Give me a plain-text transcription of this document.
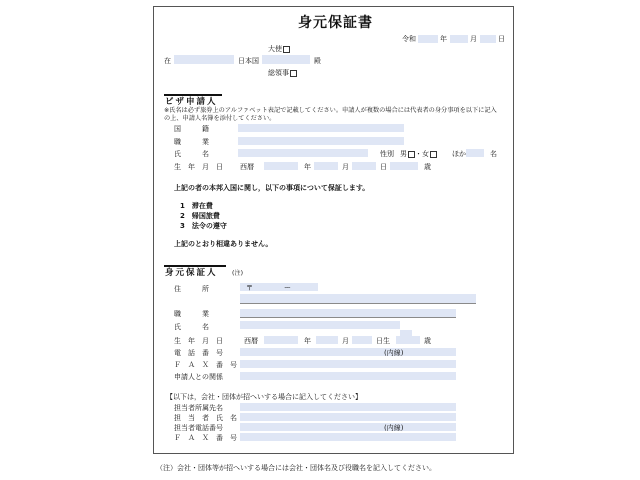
身元保証書
令和	年	月	日
大使
在	日本国	殿
総領事
ビザ申請人
※氏名は必ず旅券上のアルファベット表記で記載してください。申請人が複数の場合には代表者の身分事項を以下に記入
の上、申請人名簿を添付してください。
国　　　籍
職　　　業
氏　　　名	性別 男 ・女	ほか	名
生　年　月　日 西暦	年	月	日	歳
上記の者の本邦入国に関し，以下の事項について保証します。
1　 滞在費
2　 帰国旅費
3　 法令の遵守
上記のとおり相違ありません。
身元保証人 (注)
住　　　所	〒	ー
職　　　業
氏　　　名
生　年　月　日	西暦	年	月	日生	歳
電　話　番　号	(内線)
Ｆ　Ａ　Ｘ　番　号
申請人との関係
【以下は，会社・団体が招へいする場合に記入してください】
担当者所属先名
担　当　者　氏　名
担当者電話番号	(内線)
Ｆ　Ａ　Ｘ　番　号
（注）会社・団体等が招へいする場合には会社・団体名及び役職名を記入してください。
